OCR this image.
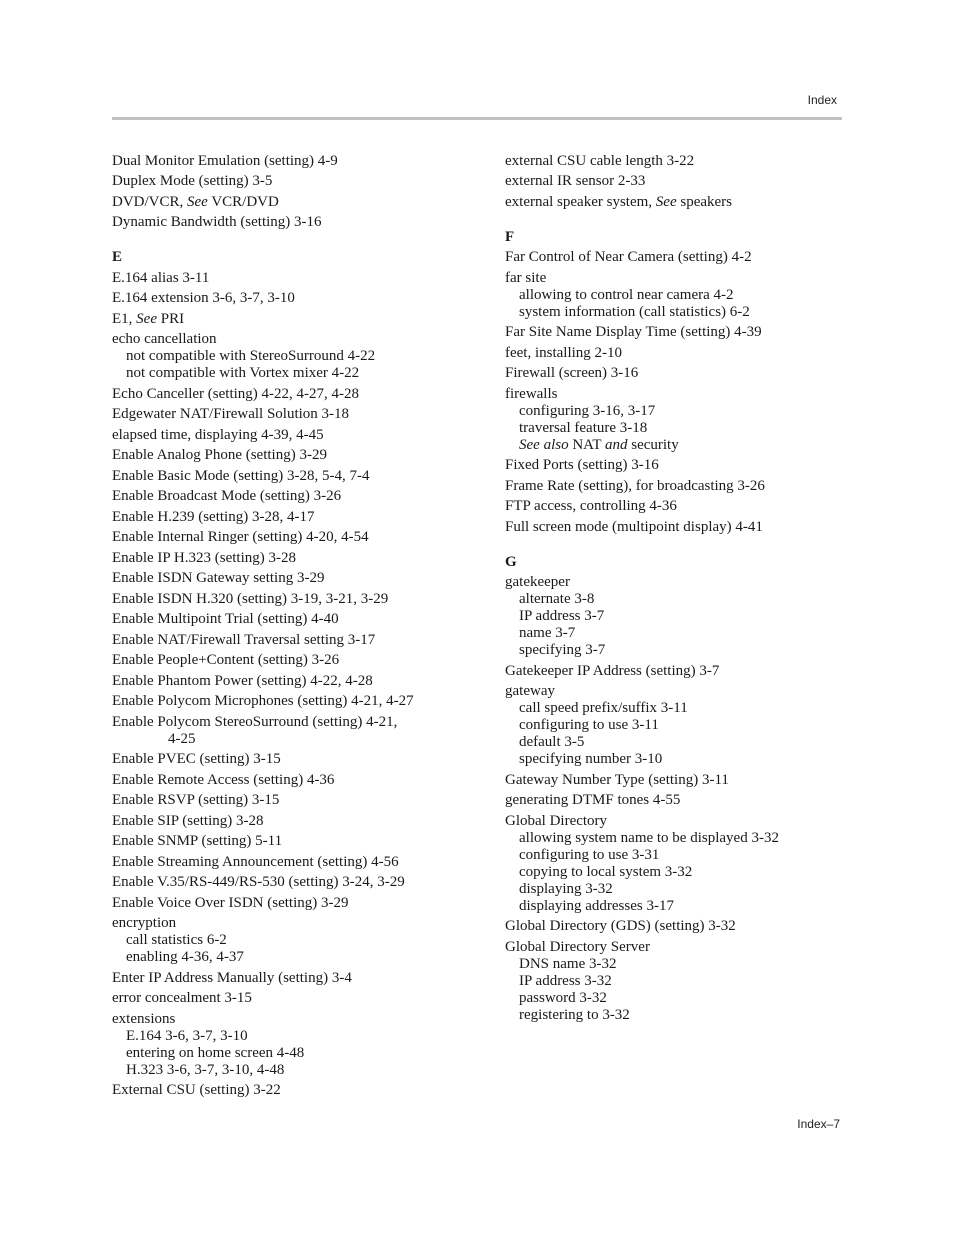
Index
Dual Monitor Emulation (setting) 4-9
Duplex Mode (setting) 3-5
DVD/VCR, See VCR/DVD
Dynamic Bandwidth (setting) 3-16
E
E.164 alias 3-11
E.164 extension 3-6, 3-7, 3-10
E1, See PRI
echo cancellation
not compatible with StereoSurround 4-22
not compatible with Vortex mixer 4-22
Echo Canceller (setting) 4-22, 4-27, 4-28
Edgewater NAT/Firewall Solution 3-18
elapsed time, displaying 4-39, 4-45
Enable Analog Phone (setting) 3-29
Enable Basic Mode (setting) 3-28, 5-4, 7-4
Enable Broadcast Mode (setting) 3-26
Enable H.239 (setting) 3-28, 4-17
Enable Internal Ringer (setting) 4-20, 4-54
Enable IP H.323 (setting) 3-28
Enable ISDN Gateway setting 3-29
Enable ISDN H.320 (setting) 3-19, 3-21, 3-29
Enable Multipoint Trial (setting) 4-40
Enable NAT/Firewall Traversal setting 3-17
Enable People+Content (setting) 3-26
Enable Phantom Power (setting) 4-22, 4-28
Enable Polycom Microphones (setting) 4-21, 4-27
Enable Polycom StereoSurround (setting) 4-21,
4-25
Enable PVEC (setting) 3-15
Enable Remote Access (setting) 4-36
Enable RSVP (setting) 3-15
Enable SIP (setting) 3-28
Enable SNMP (setting) 5-11
Enable Streaming Announcement (setting) 4-56
Enable V.35/RS-449/RS-530 (setting) 3-24, 3-29
Enable Voice Over ISDN (setting) 3-29
encryption
call statistics 6-2
enabling 4-36, 4-37
Enter IP Address Manually (setting) 3-4
error concealment 3-15
extensions
E.164 3-6, 3-7, 3-10
entering on home screen 4-48
H.323 3-6, 3-7, 3-10, 4-48
External CSU (setting) 3-22
external CSU cable length 3-22
external IR sensor 2-33
external speaker system, See speakers
F
Far Control of Near Camera (setting) 4-2
far site
allowing to control near camera 4-2
system information (call statistics) 6-2
Far Site Name Display Time (setting) 4-39
feet, installing 2-10
Firewall (screen) 3-16
firewalls
configuring 3-16, 3-17
traversal feature 3-18
See also NAT and security
Fixed Ports (setting) 3-16
Frame Rate (setting), for broadcasting 3-26
FTP access, controlling 4-36
Full screen mode (multipoint display) 4-41
G
gatekeeper
alternate 3-8
IP address 3-7
name 3-7
specifying 3-7
Gatekeeper IP Address (setting) 3-7
gateway
call speed prefix/suffix 3-11
configuring to use 3-11
default 3-5
specifying number 3-10
Gateway Number Type (setting) 3-11
generating DTMF tones 4-55
Global Directory
allowing system name to be displayed 3-32
configuring to use 3-31
copying to local system 3-32
displaying 3-32
displaying addresses 3-17
Global Directory (GDS) (setting) 3-32
Global Directory Server
DNS name 3-32
IP address 3-32
password 3-32
registering to 3-32
Index–7
